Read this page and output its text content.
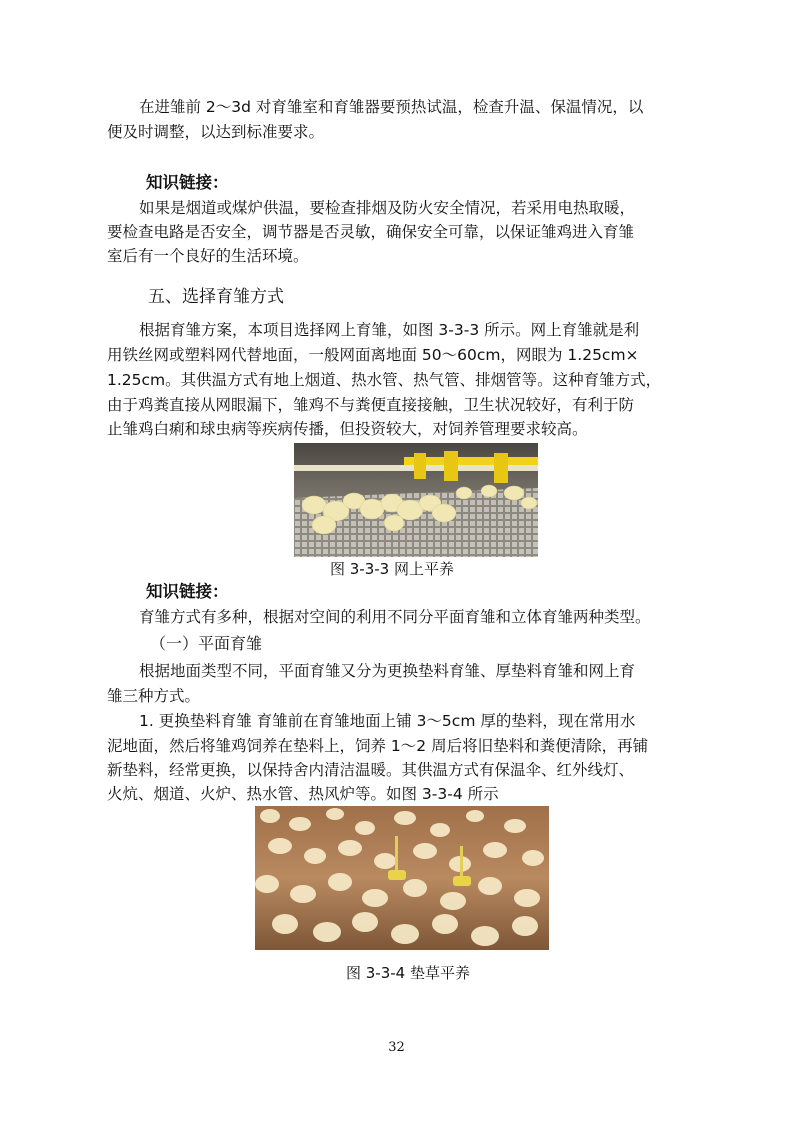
在进雏前 2～3d 对育雏室和育雏器要预热试温，检查升温、保温情况，以
便及时调整，以达到标准要求。
知识链接：
如果是烟道或煤炉供温，要检查排烟及防火安全情况，若采用电热取暖，
要检查电路是否安全，调节器是否灵敏，确保安全可靠，以保证雏鸡进入育雏
室后有一个良好的生活环境。
五、选择育雏方式
根据育雏方案，本项目选择网上育雏，如图 3-3-3 所示。网上育雏就是利
用铁丝网或塑料网代替地面，一般网面离地面 50～60cm，网眼为 1.25cm×
1.25cm。其供温方式有地上烟道、热水管、热气管、排烟管等。这种育雏方式，
由于鸡粪直接从网眼漏下，雏鸡不与粪便直接接触，卫生状况较好，有利于防
止雏鸡白痢和球虫病等疾病传播，但投资较大，对饲养管理要求较高。
图 3-3-3 网上平养
知识链接：
育雏方式有多种，根据对空间的利用不同分平面育雏和立体育雏两种类型。
（一）平面育雏
根据地面类型不同，平面育雏又分为更换垫料育雏、厚垫料育雏和网上育
雏三种方式。
1. 更换垫料育雏 育雏前在育雏地面上铺 3～5cm 厚的垫料，现在常用水
泥地面，然后将雏鸡饲养在垫料上，饲养 1～2 周后将旧垫料和粪便清除，再铺
新垫料，经常更换，以保持舍内清洁温暖。其供温方式有保温伞、红外线灯、
火炕、烟道、火炉、热水管、热风炉等。如图 3-3-4 所示
图 3-3-4 垫草平养
32
